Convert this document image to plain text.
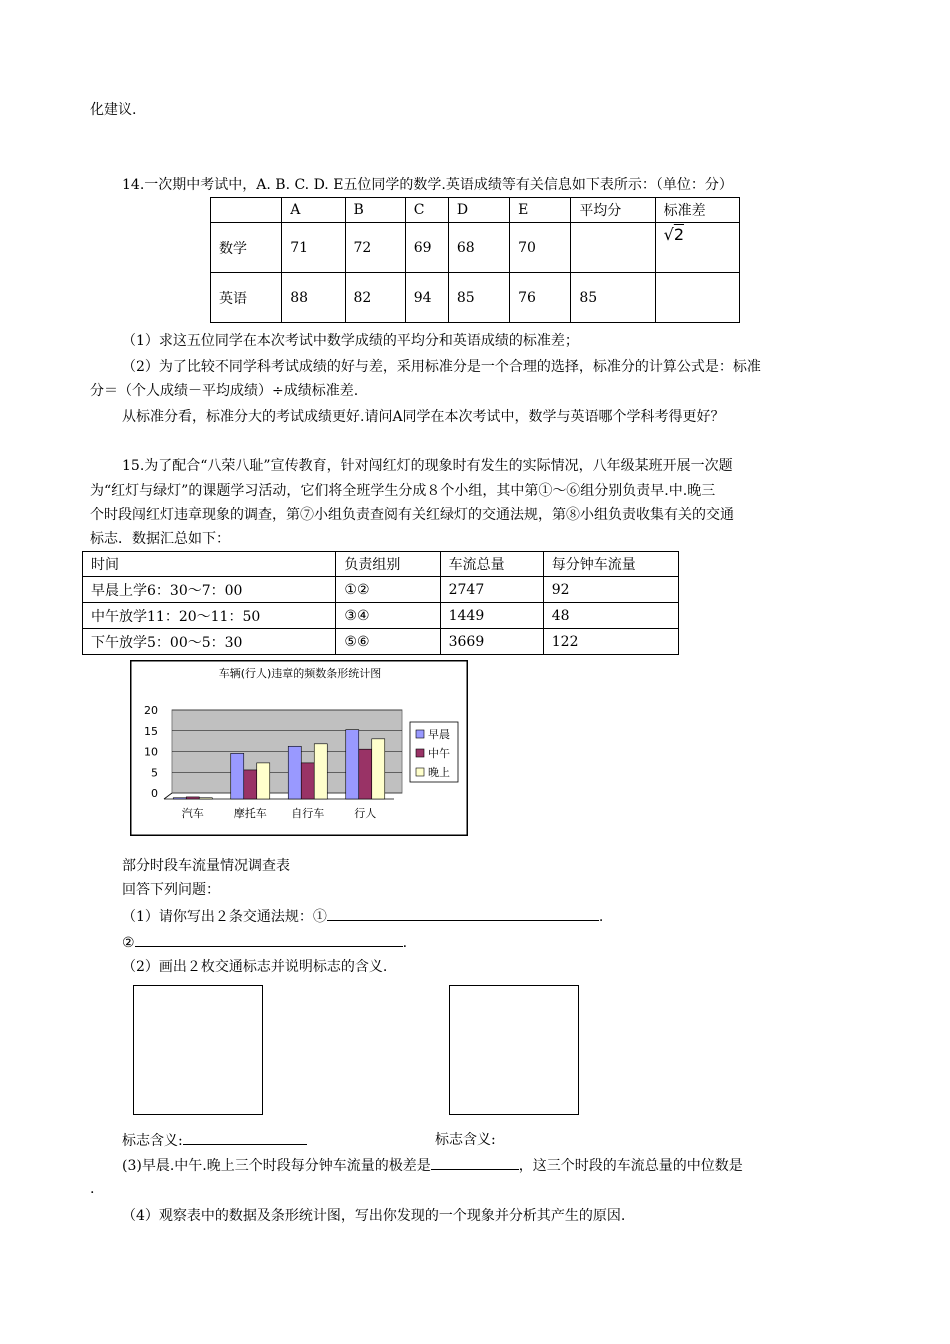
化建议.
14.一次期中考试中，A. B. C. D. E五位同学的数学.英语成绩等有关信息如下表所示：（单位：分）
	A	B	C	D	E	平均分	标准差
数学	71	72	69	68	70		√2
英语	88	82	94	85	76	85	
（1）求这五位同学在本次考试中数学成绩的平均分和英语成绩的标准差；
（2）为了比较不同学科考试成绩的好与差，采用标准分是一个合理的选择，标准分的计算公式是：标准
分＝（个人成绩－平均成绩）÷成绩标准差.
从标准分看，标准分大的考试成绩更好.请问A同学在本次考试中，数学与英语哪个学科考得更好？
15.为了配合“八荣八耻”宣传教育，针对闯红灯的现象时有发生的实际情况，八年级某班开展一次题
为“红灯与绿灯”的课题学习活动，它们将全班学生分成８个小组，其中第①～⑥组分别负责早.中.晚三
个时段闯红灯违章现象的调查，第⑦小组负责查阅有关红绿灯的交通法规，第⑧小组负责收集有关的交通
标志．数据汇总如下：
时间	负责组别	车流总量	每分钟车流量
早晨上学6：30～7：00	①②	2747	92
中午放学11：20～11：50	③④	1449	48
下午放学5：00～5：30	⑤⑥	3669	122
车辆(行人)违章的频数条形统计图
0
5
10
15
20
汽车	摩托车 自行车	行人
早晨
中午
晚上
部分时段车流量情况调查表
回答下列问题：
（1）请你写出２条交通法规：①	.
②	.
（2）画出２枚交通标志并说明标志的含义.
标志含义:	标志含义:
(3)早晨.中午.晚上三个时段每分钟车流量的极差是	，这三个时段的车流总量的中位数是
.
（4）观察表中的数据及条形统计图，写出你发现的一个现象并分析其产生的原因.
